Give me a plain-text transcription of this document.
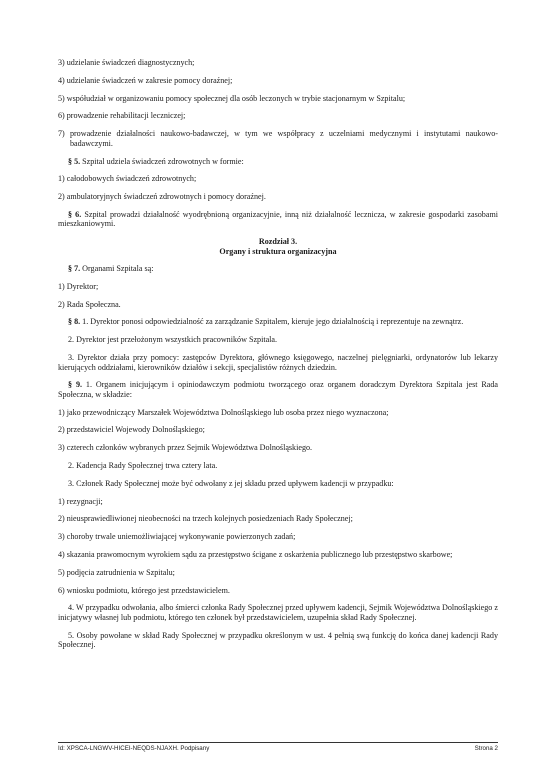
3) udzielanie świadczeń diagnostycznych;

4) udzielanie świadczeń w zakresie pomocy doraźnej;

5) współudział w organizowaniu pomocy społecznej dla osób leczonych w trybie stacjonarnym w Szpitalu;

6) prowadzenie rehabilitacji leczniczej;

7) prowadzenie działalności naukowo-badawczej, w tym we współpracy z uczelniami medycznymi i instytutami naukowo-badawczymi.

§ 5. Szpital udziela świadczeń zdrowotnych w formie:

1) całodobowych świadczeń zdrowotnych;

2) ambulatoryjnych świadczeń zdrowotnych i pomocy doraźnej.

§ 6. Szpital prowadzi działalność wyodrębnioną organizacyjnie, inną niż działalność lecznicza, w zakresie gospodarki zasobami mieszkaniowymi.

Rozdział 3.
Organy i struktura organizacyjna

§ 7. Organami Szpitala są:

1) Dyrektor;

2) Rada Społeczna.

§ 8. 1. Dyrektor ponosi odpowiedzialność za zarządzanie Szpitalem, kieruje jego działalnością i reprezentuje na zewnątrz.

2. Dyrektor jest przełożonym wszystkich pracowników Szpitala.

3. Dyrektor działa przy pomocy: zastępców Dyrektora, głównego księgowego, naczelnej pielęgniarki, ordynatorów lub lekarzy kierujących oddziałami, kierowników działów i sekcji, specjalistów różnych dziedzin.

§ 9. 1. Organem inicjującym i opiniodawczym podmiotu tworzącego oraz organem doradczym Dyrektora Szpitala jest Rada Społeczna, w składzie:

1) jako przewodniczący Marszałek Województwa Dolnośląskiego lub osoba przez niego wyznaczona;

2) przedstawiciel Wojewody Dolnośląskiego;

3) czterech członków wybranych przez Sejmik Województwa Dolnośląskiego.

2. Kadencja Rady Społecznej trwa cztery lata.

3. Członek Rady Społecznej może być odwołany z jej składu przed upływem kadencji w przypadku:

1) rezygnacji;

2) nieusprawiedliwionej nieobecności na trzech kolejnych posiedzeniach Rady Społecznej;

3) choroby trwale uniemożliwiającej wykonywanie powierzonych zadań;

4) skazania prawomocnym wyrokiem sądu za przestępstwo ścigane z oskarżenia publicznego lub przestępstwo skarbowe;

5) podjęcia zatrudnienia w Szpitalu;

6) wniosku podmiotu, którego jest przedstawicielem.

4. W przypadku odwołania, albo śmierci członka Rady Społecznej przed upływem kadencji, Sejmik Województwa Dolnośląskiego z inicjatywy własnej lub podmiotu, którego ten członek był przedstawicielem, uzupełnia skład Rady Społecznej.

5. Osoby powołane w skład Rady Społecznej w przypadku określonym w ust. 4 pełnią swą funkcję do końca danej kadencji Rady Społecznej.

Id: XPSCA-LNGWV-HICEI-NEQDS-NJAXH. Podpisany	Strona 2
